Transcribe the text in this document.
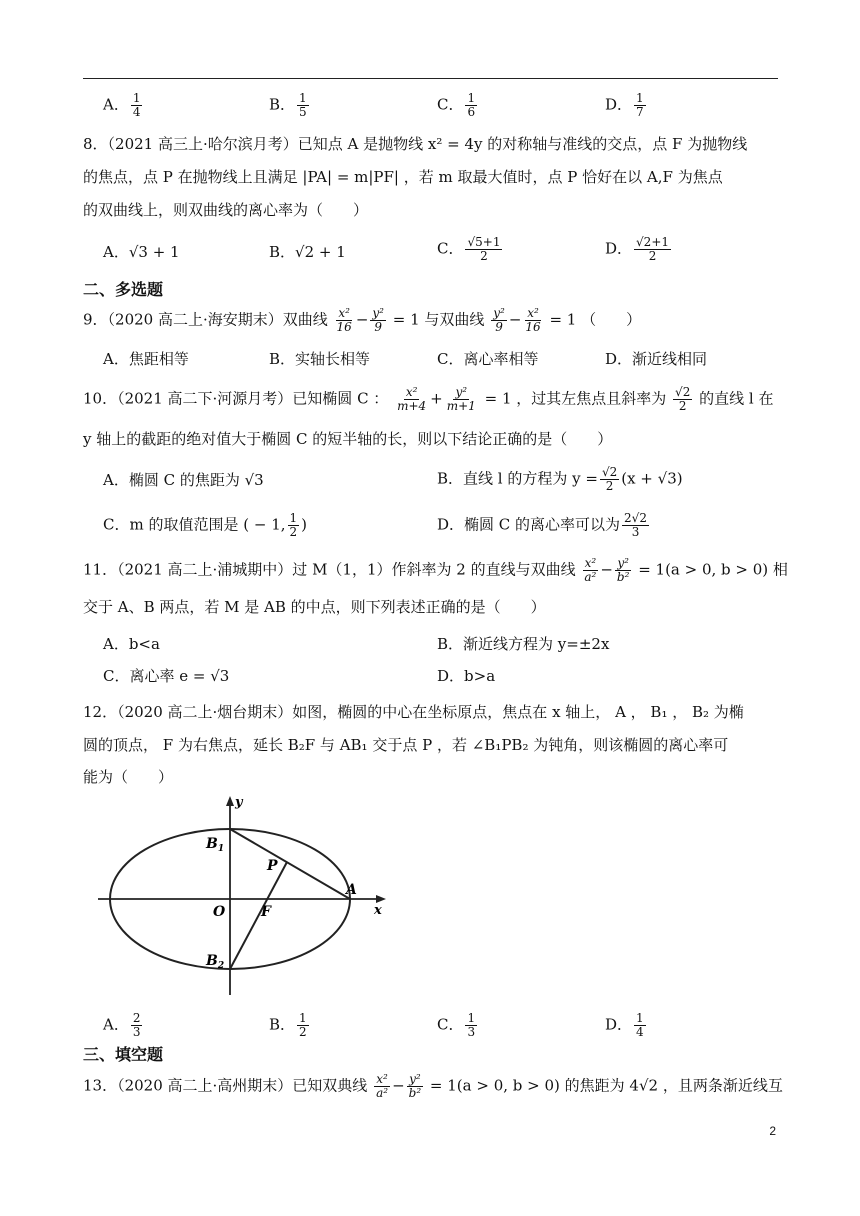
A． $\frac{1}{4}$	B． $\frac{1}{5}$	C． $\frac{1}{6}$	D． $\frac{1}{7}$
8．（2021 高三上·哈尔滨月考）已知点 A 是抛物线 x² = 4y 的对称轴与准线的交点，点 F 为抛物线
的焦点，点 P 在抛物线上且满足 |PA| = m|PF| ，若 m 取最大值时，点 P 恰好在以 A,F 为焦点
的双曲线上，则双曲线的离心率为（　　）
A．√3 + 1	B．√2 + 1	C． $\frac{√5+1}{2}$	D． $\frac{√2+1}{2}$
二、多选题
9．（2020 高二上·海安期末）双曲线 $\frac{\text{x²}}{16} - \frac{\text{y²}}{9} = 1$ 与双曲线 $\frac{\text{y²}}{9} - \frac{\text{x²}}{16} = 1$ （　　）
A．焦距相等	B．实轴长相等	C．离心率相等	D．渐近线相同
10．（2021 高二下·河源月考）已知椭圆 C ： $\frac{\text{x²}}{m+4} + \frac{\text{y²}}{m+1} = 1$ ，过其左焦点且斜率为 $\frac{√2}{2}$ 的直线 l 在
y 轴上的截距的绝对值大于椭圆 C 的短半轴的长，则以下结论正确的是（　　）
A．椭圆 C 的焦距为 √3	B．直线 l 的方程为 $y = \frac{√2}{2} (x + √3)$
C．m 的取值范围是 ( − 1, $\frac{1}{2}$ )	D．椭圆 C 的离心率可以为 $\frac{2√2}{3}$
11．（2021 高二上·浦城期中）过 M（1，1）作斜率为 2 的直线与双曲线 $\frac{\text{x²}}{\text{a²}} - \frac{\text{y²}}{\text{b²}} = 1(a > 0$, b > 0) 相
交于 A、B 两点，若 M 是 AB 的中点，则下列表述正确的是（　　）
A．b<a	B．渐近线方程为 y=±2x
C．离心率 e = √3	D．b>a
12．（2020 高二上·烟台期末）如图，椭圆的中心在坐标原点，焦点在 x 轴上， A ， B₁ ， B₂ 为椭
圆的顶点， F 为右焦点，延长 B₂F 与 AB₁ 交于点 P ，若 ∠B₁PB₂ 为钝角，则该椭圆的离心率可
能为（　　）
y
x
$B_1$
$B_2$
P
O	F
A
A． $\frac{2}{3}$	B． $\frac{1}{2}$	C． $\frac{1}{3}$	D． $\frac{1}{4}$
三、填空题
13．（2020 高二上·高州期末）已知双典线 $\frac{\text{x²}}{\text{a²}} - \frac{\text{y²}}{\text{b²}} = 1(a > 0$, b > 0) 的焦距为 4√2 ，且两条渐近线互
2
